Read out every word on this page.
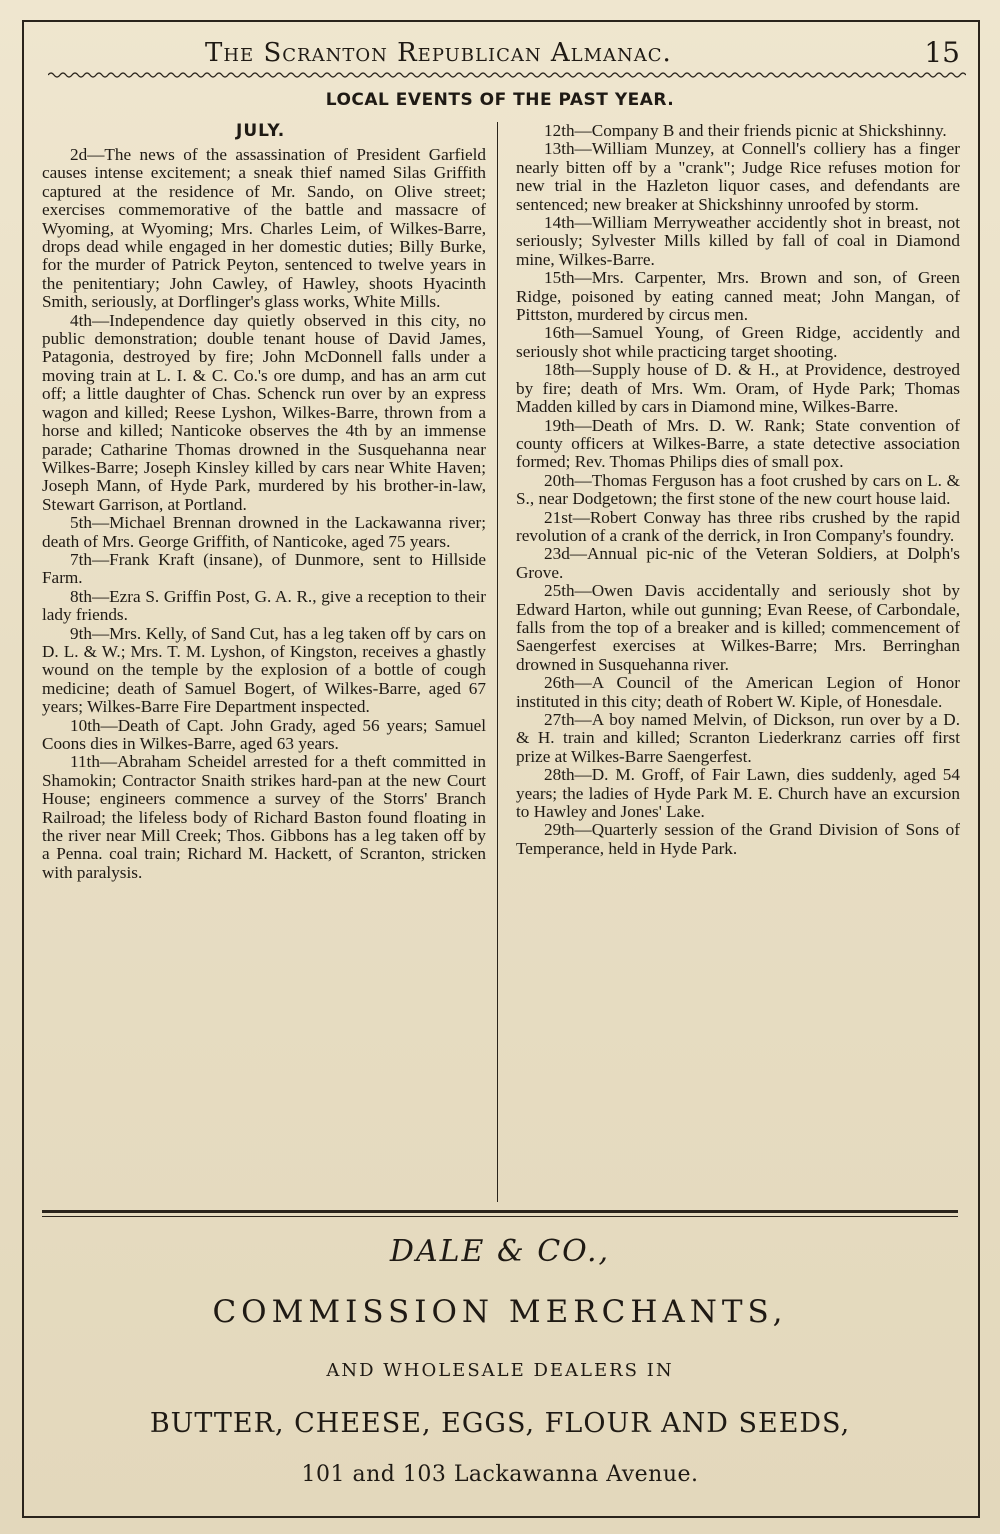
The Scranton Republican Almanac.	15
LOCAL EVENTS OF THE PAST YEAR.
JULY.

2d—The news of the assassination of President Garfield causes intense excitement; a sneak thief named Silas Griffith captured at the residence of Mr. Sando, on Olive street; exercises commemorative of the battle and massacre of Wyoming, at Wyoming; Mrs. Charles Leim, of Wilkes-Barre, drops dead while engaged in her domestic duties; Billy Burke, for the murder of Patrick Peyton, sentenced to twelve years in the penitentiary; John Cawley, of Hawley, shoots Hyacinth Smith, seriously, at Dorflinger's glass works, White Mills.

4th—Independence day quietly observed in this city, no public demonstration; double tenant house of David James, Patagonia, destroyed by fire; John McDonnell falls under a moving train at L. I. & C. Co.'s ore dump, and has an arm cut off; a little daughter of Chas. Schenck run over by an express wagon and killed; Reese Lyshon, Wilkes-Barre, thrown from a horse and killed; Nanticoke observes the 4th by an immense parade; Catharine Thomas drowned in the Susquehanna near Wilkes-Barre; Joseph Kinsley killed by cars near White Haven; Joseph Mann, of Hyde Park, murdered by his brother-in-law, Stewart Garrison, at Portland.

5th—Michael Brennan drowned in the Lackawanna river; death of Mrs. George Griffith, of Nanticoke, aged 75 years.

7th—Frank Kraft (insane), of Dunmore, sent to Hillside Farm.

8th—Ezra S. Griffin Post, G. A. R., give a reception to their lady friends.

9th—Mrs. Kelly, of Sand Cut, has a leg taken off by cars on D. L. & W.; Mrs. T. M. Lyshon, of Kingston, receives a ghastly wound on the temple by the explosion of a bottle of cough medicine; death of Samuel Bogert, of Wilkes-Barre, aged 67 years; Wilkes-Barre Fire Department inspected.

10th—Death of Capt. John Grady, aged 56 years; Samuel Coons dies in Wilkes-Barre, aged 63 years.

11th—Abraham Scheidel arrested for a theft committed in Shamokin; Contractor Snaith strikes hard-pan at the new Court House; engineers commence a survey of the Storrs' Branch Railroad; the lifeless body of Richard Baston found floating in the river near Mill Creek; Thos. Gibbons has a leg taken off by a Penna. coal train; Richard M. Hackett, of Scranton, stricken with paralysis.

12th—Company B and their friends picnic at Shickshinny.

13th—William Munzey, at Connell's colliery has a finger nearly bitten off by a "crank"; Judge Rice refuses motion for new trial in the Hazleton liquor cases, and defendants are sentenced; new breaker at Shickshinny unroofed by storm.

14th—William Merryweather accidently shot in breast, not seriously; Sylvester Mills killed by fall of coal in Diamond mine, Wilkes-Barre.

15th—Mrs. Carpenter, Mrs. Brown and son, of Green Ridge, poisoned by eating canned meat; John Mangan, of Pittston, murdered by circus men.

16th—Samuel Young, of Green Ridge, accidently and seriously shot while practicing target shooting.

18th—Supply house of D. & H., at Providence, destroyed by fire; death of Mrs. Wm. Oram, of Hyde Park; Thomas Madden killed by cars in Diamond mine, Wilkes-Barre.

19th—Death of Mrs. D. W. Rank; State convention of county officers at Wilkes-Barre, a state detective association formed; Rev. Thomas Philips dies of small pox.

20th—Thomas Ferguson has a foot crushed by cars on L. & S., near Dodgetown; the first stone of the new court house laid.

21st—Robert Conway has three ribs crushed by the rapid revolution of a crank of the derrick, in Iron Company's foundry.

23d—Annual pic-nic of the Veteran Soldiers, at Dolph's Grove.

25th—Owen Davis accidentally and seriously shot by Edward Harton, while out gunning; Evan Reese, of Carbondale, falls from the top of a breaker and is killed; commencement of Saengerfest exercises at Wilkes-Barre; Mrs. Berringhan drowned in Susquehanna river.

26th—A Council of the American Legion of Honor instituted in this city; death of Robert W. Kiple, of Honesdale.

27th—A boy named Melvin, of Dickson, run over by a D. & H. train and killed; Scranton Liederkranz carries off first prize at Wilkes-Barre Saengerfest.

28th—D. M. Groff, of Fair Lawn, dies suddenly, aged 54 years; the ladies of Hyde Park M. E. Church have an excursion to Hawley and Jones' Lake.

29th—Quarterly session of the Grand Division of Sons of Temperance, held in Hyde Park.

DALE & CO.,
COMMISSION MERCHANTS,
AND WHOLESALE DEALERS IN
BUTTER, CHEESE, EGGS, FLOUR AND SEEDS,
101 and 103 Lackawanna Avenue.
